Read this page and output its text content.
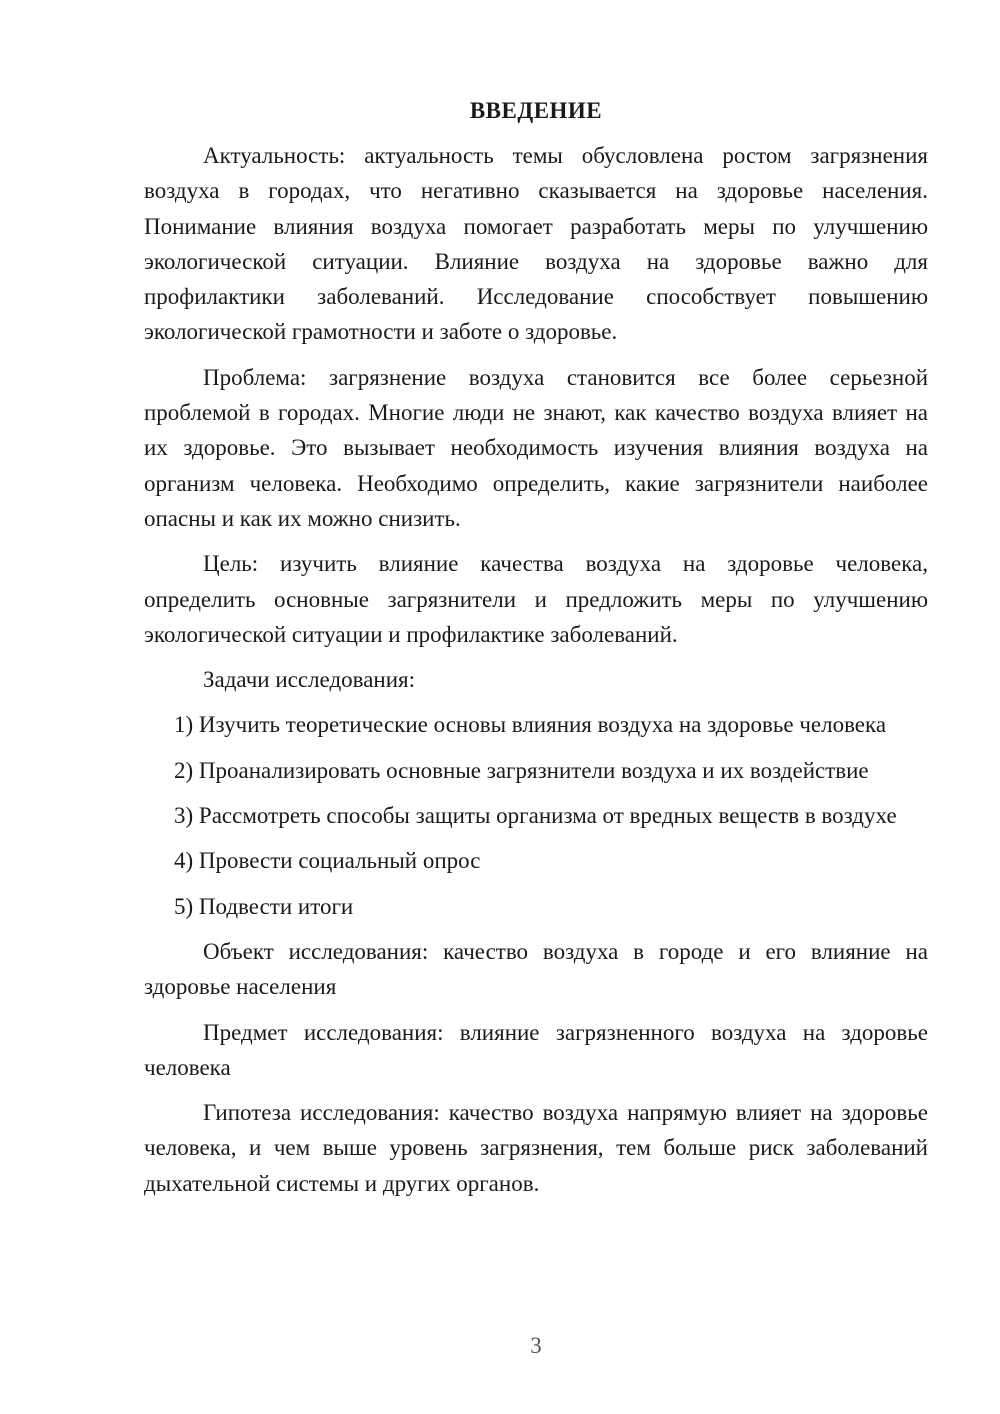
ВВЕДЕНИЕ

Актуальность: актуальность темы обусловлена ростом загрязнения воздуха в городах, что негативно сказывается на здоровье населения. Понимание влияния воздуха помогает разработать меры по улучшению экологической ситуации. Влияние воздуха на здоровье важно для профилактики заболеваний. Исследование способствует повышению экологической грамотности и заботе о здоровье.

Проблема: загрязнение воздуха становится все более серьезной проблемой в городах. Многие люди не знают, как качество воздуха влияет на их здоровье. Это вызывает необходимость изучения влияния воздуха на организм человека. Необходимо определить, какие загрязнители наиболее опасны и как их можно снизить.

Цель: изучить влияние качества воздуха на здоровье человека, определить основные загрязнители и предложить меры по улучшению экологической ситуации и профилактике заболеваний.

Задачи исследования:

1) Изучить теоретические основы влияния воздуха на здоровье человека

2) Проанализировать основные загрязнители воздуха и их воздействие

3) Рассмотреть способы защиты организма от вредных веществ в воздухе

4) Провести социальный опрос

5) Подвести итоги

Объект исследования: качество воздуха в городе и его влияние на здоровье населения

Предмет исследования: влияние загрязненного воздуха на здоровье человека

Гипотеза исследования: качество воздуха напрямую влияет на здоровье человека, и чем выше уровень загрязнения, тем больше риск заболеваний дыхательной системы и других органов.

3
